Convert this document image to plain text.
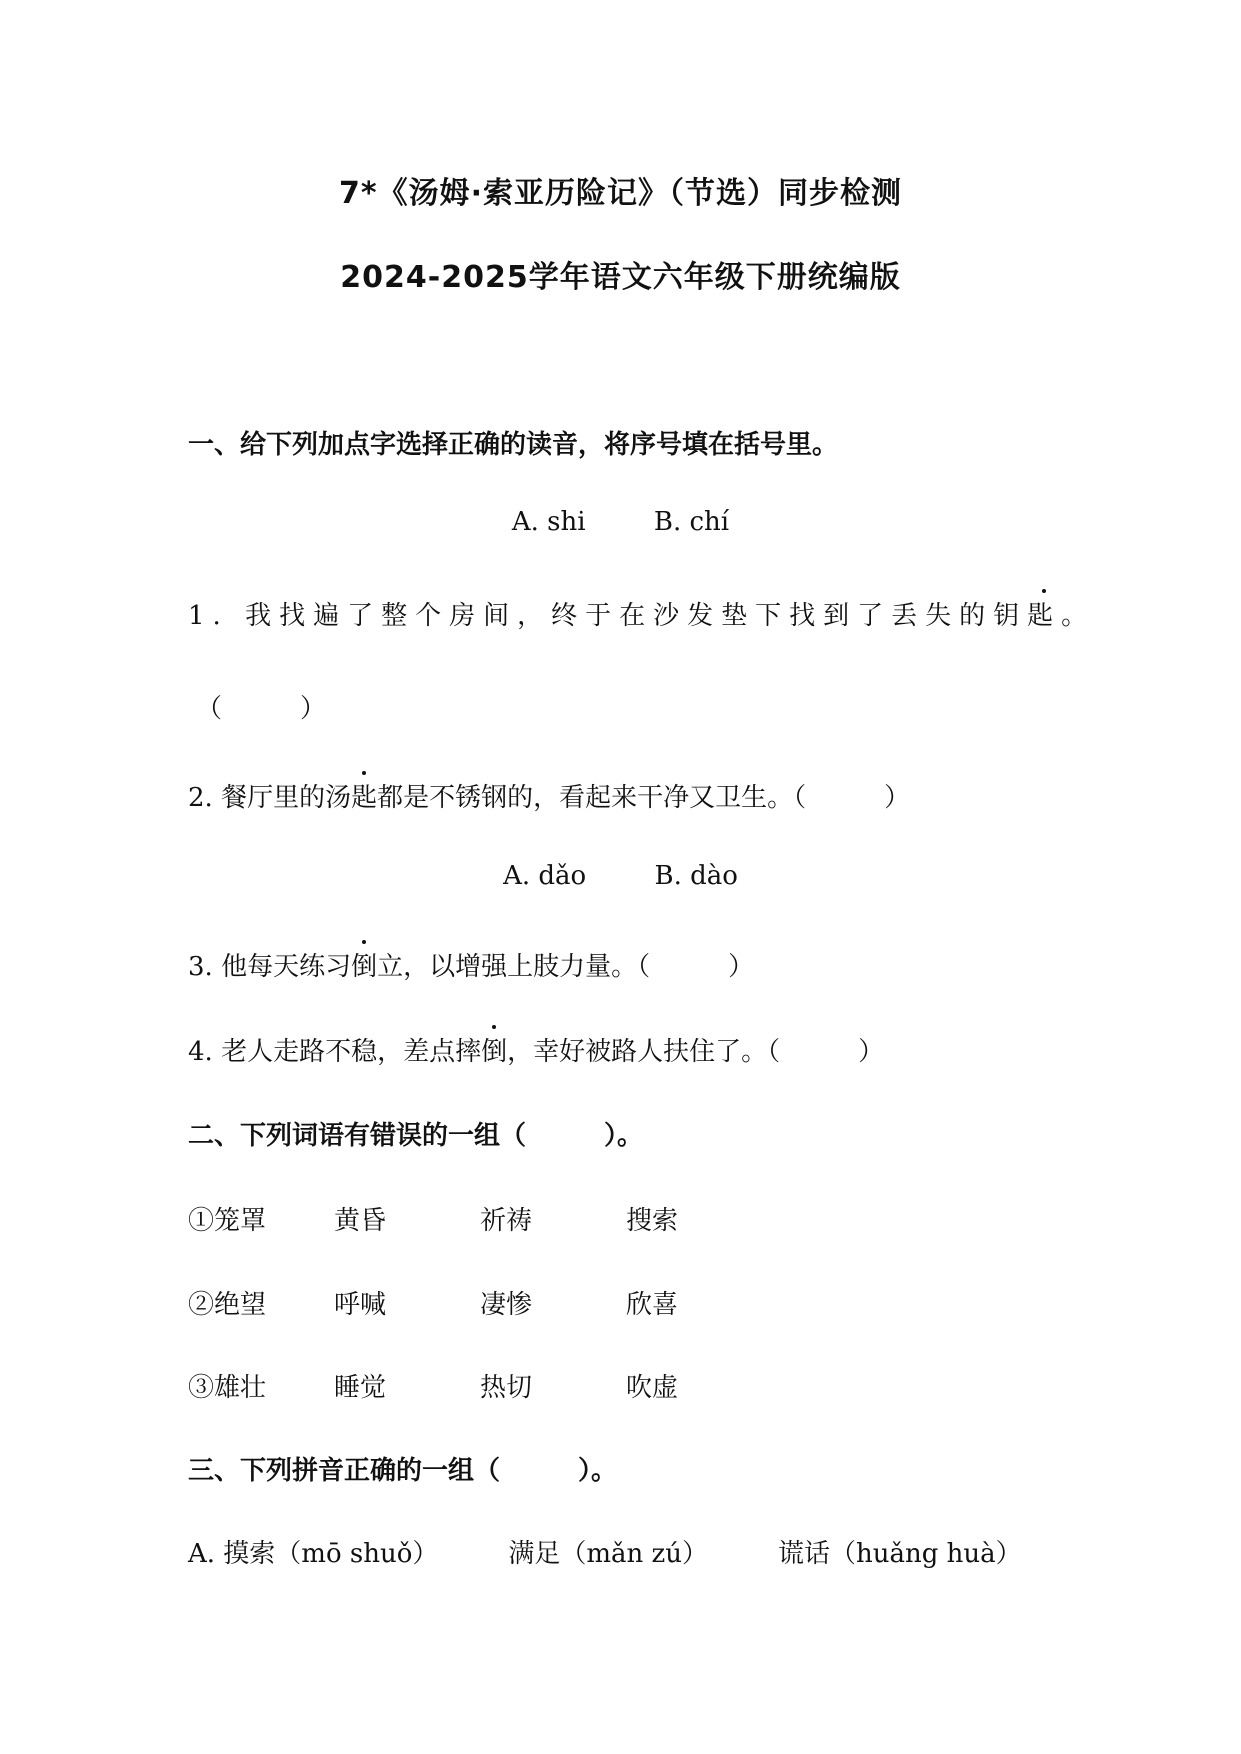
7*《汤姆·索亚历险记》（节选）同步检测
2024-2025学年语文六年级下册统编版
一、给下列加点字选择正确的读音，将序号填在括号里。
A. shi	B. chí
1. 我找遍了整个房间，终于在沙发垫下找到了丢失的钥匙。
（　　　）
2. 餐厅里的汤匙都是不锈钢的，看起来干净又卫生。（　　　）
A. dǎo	B. dào
3. 他每天练习倒立，以增强上肢力量。（　　　）
4. 老人走路不稳，差点摔倒，幸好被路人扶住了。（　　　）
二、下列词语有错误的一组（　　　）。
①笼罩	黄昏	祈祷	搜索
②绝望	呼喊	凄惨	欣喜
③雄壮	睡觉	热切	吹虚
三、下列拼音正确的一组（　　　）。
A. 摸索（mō shuǒ）	满足（mǎn zú）	谎话（huǎng huà）
